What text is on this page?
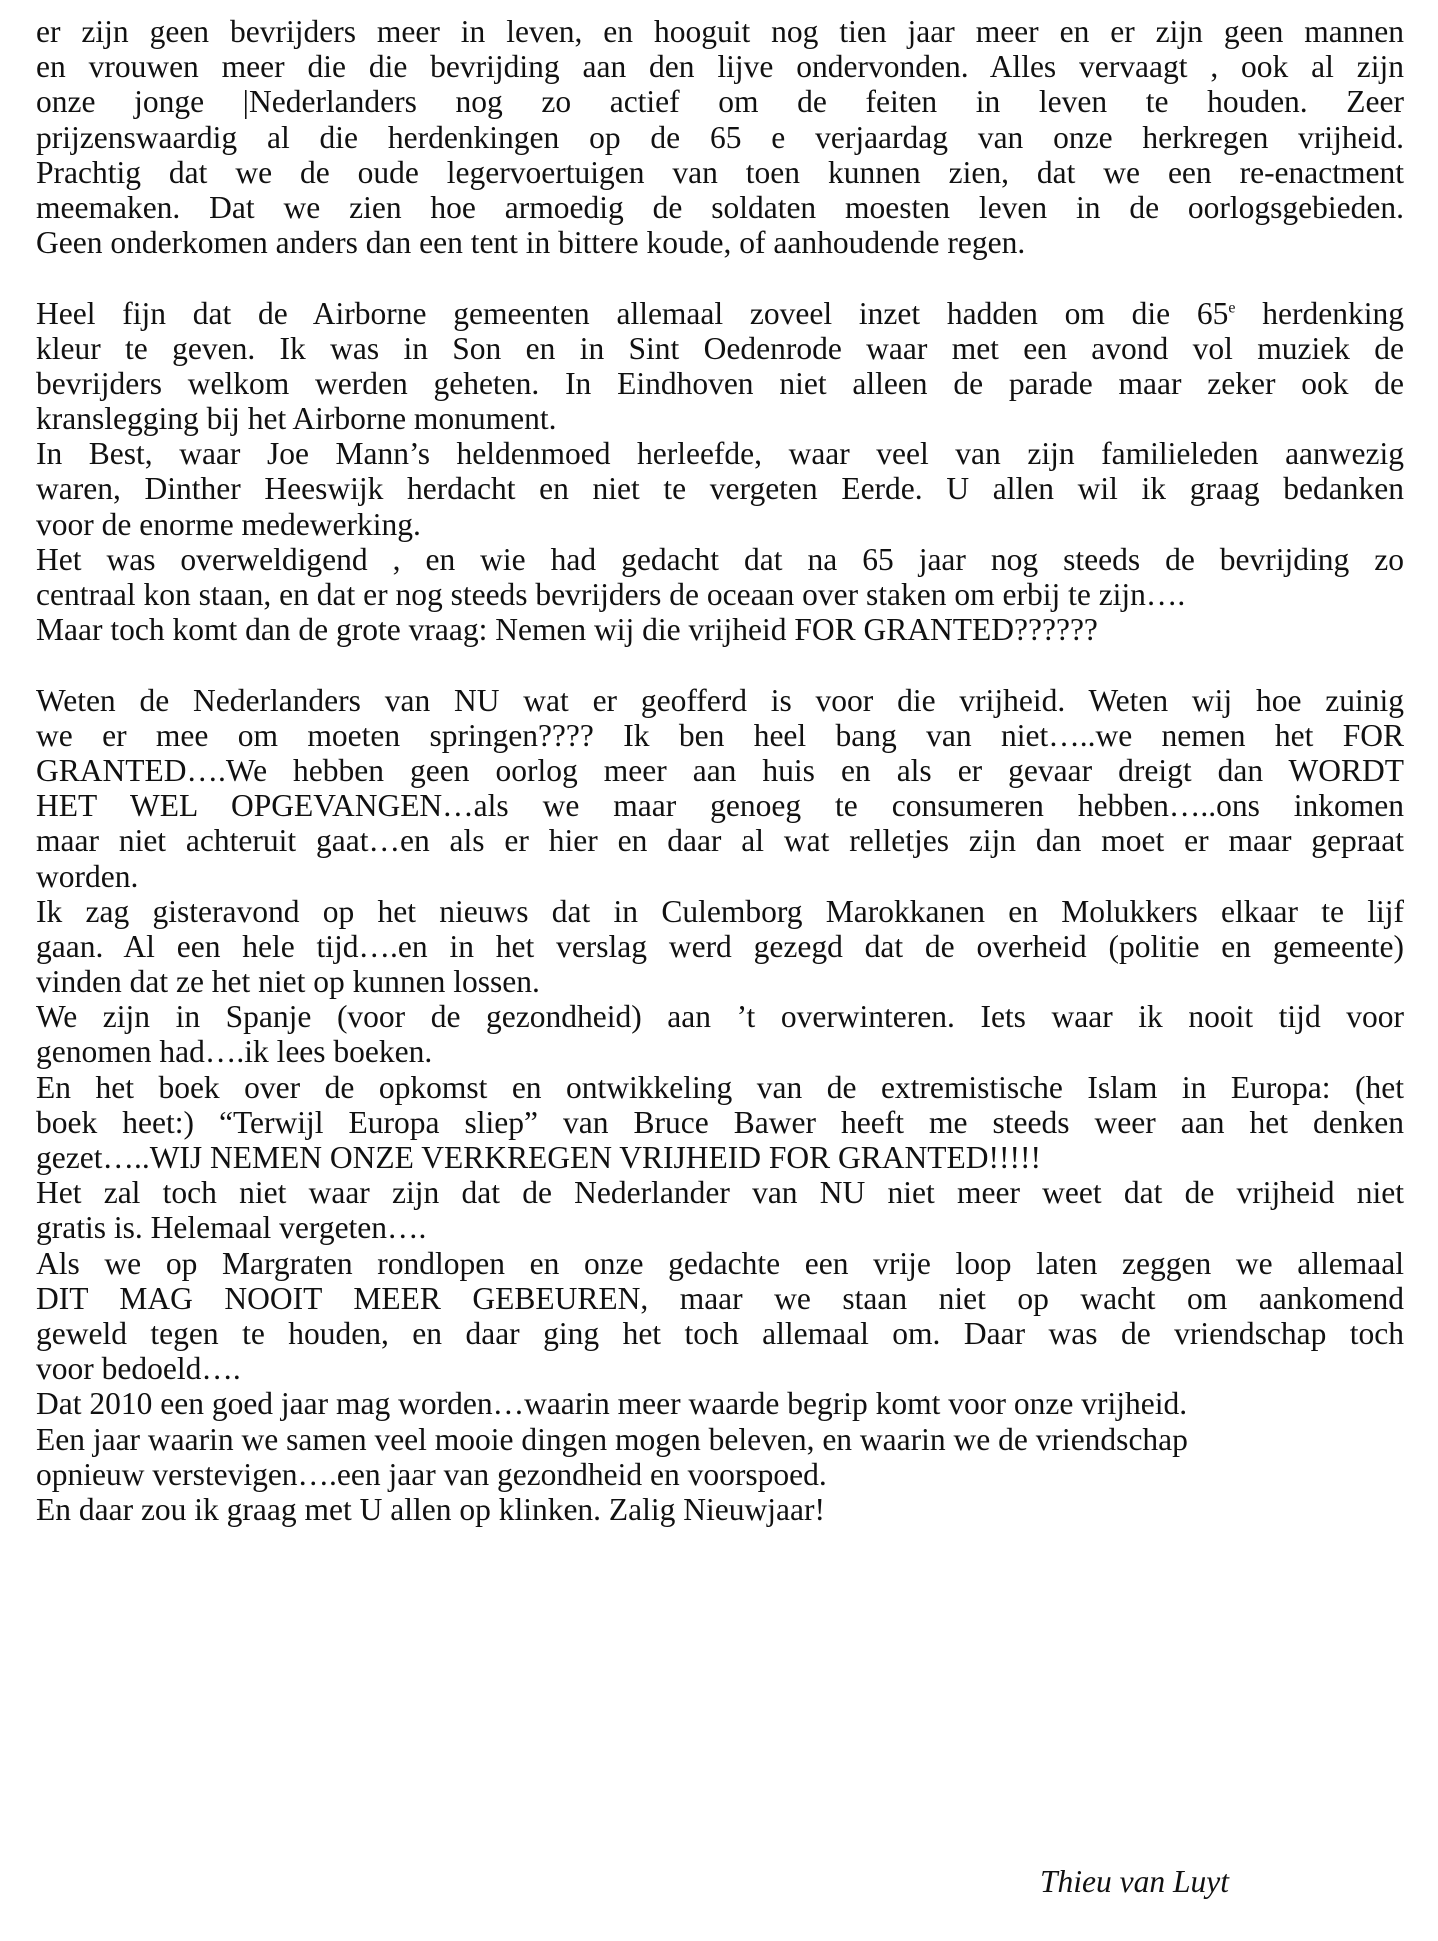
er zijn geen bevrijders meer in leven, en hooguit nog tien jaar meer en er zijn geen mannen
en vrouwen meer die die bevrijding aan den lijve ondervonden. Alles vervaagt , ook al zijn
onze jonge |Nederlanders nog zo actief om de feiten in leven te houden. Zeer
prijzenswaardig al die herdenkingen op de 65 e verjaardag van onze herkregen vrijheid.
Prachtig dat we de oude legervoertuigen van toen kunnen zien, dat we een re-enactment
meemaken. Dat we zien hoe armoedig de soldaten moesten leven in de oorlogsgebieden.
Geen onderkomen anders dan een tent in bittere koude, of aanhoudende regen.
Heel fijn dat de Airborne gemeenten allemaal zoveel inzet hadden om die 65e herdenking
kleur te geven. Ik was in Son en in Sint Oedenrode waar met een avond vol muziek de
bevrijders welkom werden geheten. In Eindhoven niet alleen de parade maar zeker ook de
kranslegging bij het Airborne monument.
In Best, waar Joe Mann’s heldenmoed herleefde, waar veel van zijn familieleden aanwezig
waren, Dinther Heeswijk herdacht en niet te vergeten Eerde. U allen wil ik graag bedanken
voor de enorme medewerking.
Het was overweldigend , en wie had gedacht dat na 65 jaar nog steeds de bevrijding zo
centraal kon staan, en dat er nog steeds bevrijders de oceaan over staken om erbij te zijn….
Maar toch komt dan de grote vraag: Nemen wij die vrijheid FOR GRANTED??????
Weten de Nederlanders van NU wat er geofferd is voor die vrijheid. Weten wij hoe zuinig
we er mee om moeten springen???? Ik ben heel bang van niet…..we nemen het FOR
GRANTED….We hebben geen oorlog meer aan huis en als er gevaar dreigt dan WORDT
HET WEL OPGEVANGEN…als we maar genoeg te consumeren hebben…..ons inkomen
maar niet achteruit gaat…en als er hier en daar al wat relletjes zijn dan moet er maar gepraat
worden.
Ik zag gisteravond op het nieuws dat in Culemborg Marokkanen en Molukkers elkaar te lijf
gaan. Al een hele tijd….en in het verslag werd gezegd dat de overheid (politie en gemeente)
vinden dat ze het niet op kunnen lossen.
We zijn in Spanje (voor de gezondheid) aan ’t overwinteren. Iets waar ik nooit tijd voor
genomen had….ik lees boeken.
En het boek over de opkomst en ontwikkeling van de extremistische Islam in Europa: (het
boek heet:) “Terwijl Europa sliep” van Bruce Bawer heeft me steeds weer aan het denken
gezet…..WIJ NEMEN ONZE VERKREGEN VRIJHEID FOR GRANTED!!!!!
Het zal toch niet waar zijn dat de Nederlander van NU niet meer weet dat de vrijheid niet
gratis is. Helemaal vergeten….
Als we op Margraten rondlopen en onze gedachte een vrije loop laten zeggen we allemaal
DIT MAG NOOIT MEER GEBEUREN, maar we staan niet op wacht om aankomend
geweld tegen te houden, en daar ging het toch allemaal om. Daar was de vriendschap toch
voor bedoeld….
Dat 2010 een goed jaar mag worden…waarin meer waarde begrip komt voor onze vrijheid.
Een jaar waarin we samen veel mooie dingen mogen beleven, en waarin we de vriendschap
opnieuw verstevigen….een jaar van gezondheid en voorspoed.
En daar zou ik graag met U allen op klinken. Zalig Nieuwjaar!
Thieu van Luyt
